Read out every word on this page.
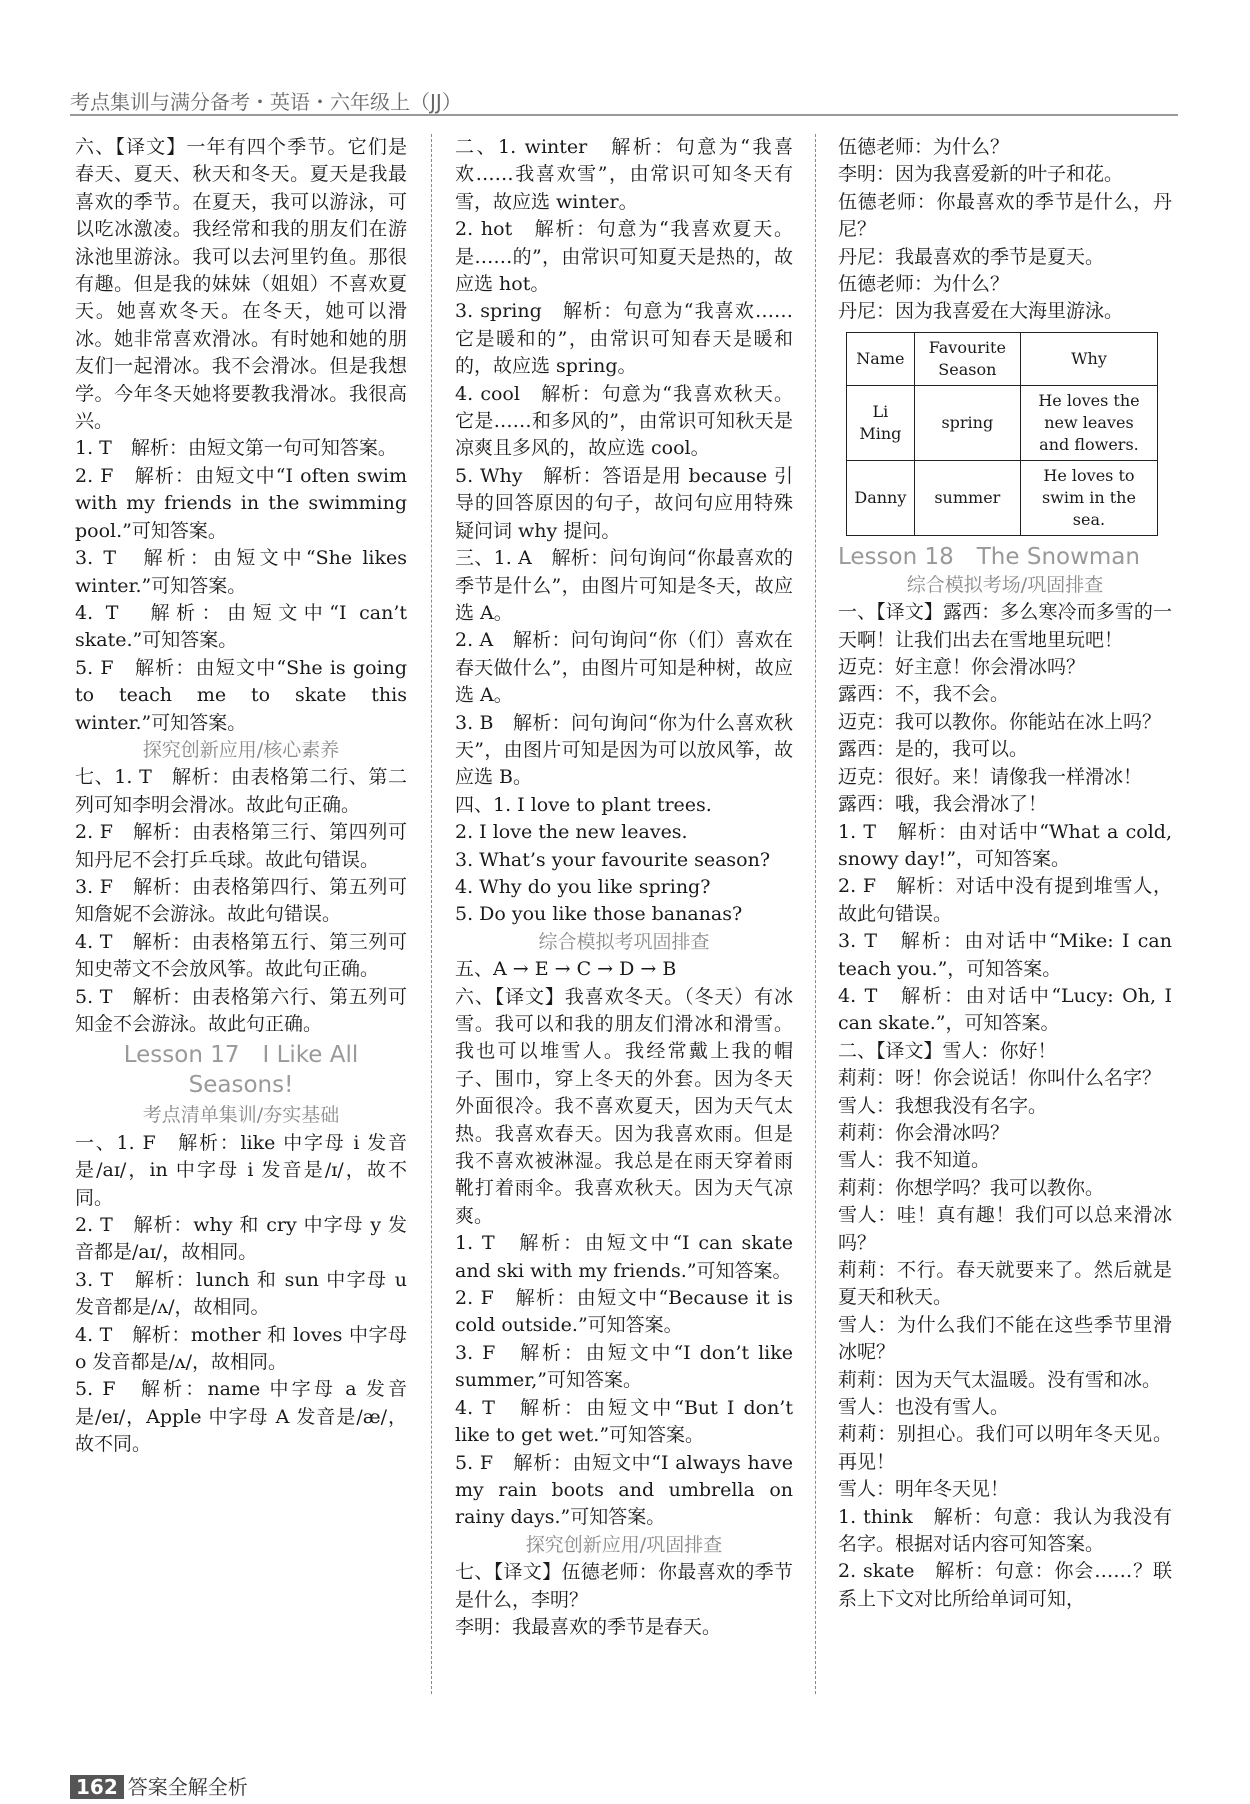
考点集训与满分备考・英语・六年级上（JJ）

六、【译文】一年有四个季节。它们是春天、夏天、秋天和冬天。夏天是我最喜欢的季节。在夏天，我可以游泳，可以吃冰激凌。我经常和我的朋友们在游泳池里游泳。我可以去河里钓鱼。那很有趣。但是我的妹妹（姐姐）不喜欢夏天。她喜欢冬天。在冬天，她可以滑冰。她非常喜欢滑冰。有时她和她的朋友们一起滑冰。我不会滑冰。但是我想学。今年冬天她将要教我滑冰。我很高兴。

1. T　解析：由短文第一句可知答案。

2. F　解析：由短文中“I often swim with my friends in the swimming pool.”可知答案。

3. T　解析：由短文中“She likes winter.”可知答案。

4. T　解析：由短文中“I can’t skate.”可知答案。

5. F　解析：由短文中“She is going to teach me to skate this winter.”可知答案。

探究创新应用/核心素养

七、1. T　解析：由表格第二行、第二列可知李明会滑冰。故此句正确。

2. F　解析：由表格第三行、第四列可知丹尼不会打乒乓球。故此句错误。

3. F　解析：由表格第四行、第五列可知詹妮不会游泳。故此句错误。

4. T　解析：由表格第五行、第三列可知史蒂文不会放风筝。故此句正确。

5. T　解析：由表格第六行、第五列可知金不会游泳。故此句正确。

Lesson 17　I Like All Seasons!

考点清单集训/夯实基础

一、1. F　解析：like 中字母 i 发音是/aɪ/，in 中字母 i 发音是/ɪ/，故不同。

2. T　解析：why 和 cry 中字母 y 发音都是/aɪ/，故相同。

3. T　解析：lunch 和 sun 中字母 u 发音都是/ʌ/，故相同。

4. T　解析：mother 和 loves 中字母 o 发音都是/ʌ/，故相同。

5. F　解析：name 中字母 a 发音是/eɪ/，Apple 中字母 A 发音是/æ/，故不同。

二、1. winter　解析：句意为“我喜欢……我喜欢雪”，由常识可知冬天有雪，故应选 winter。

2. hot　解析：句意为“我喜欢夏天。是……的”，由常识可知夏天是热的，故应选 hot。

3. spring　解析：句意为“我喜欢……它是暖和的”，由常识可知春天是暖和的，故应选 spring。

4. cool　解析：句意为“我喜欢秋天。它是……和多风的”，由常识可知秋天是凉爽且多风的，故应选 cool。

5. Why　解析：答语是用 because 引导的回答原因的句子，故问句应用特殊疑问词 why 提问。

三、1. A　解析：问句询问“你最喜欢的季节是什么”，由图片可知是冬天，故应选 A。

2. A　解析：问句询问“你（们）喜欢在春天做什么”，由图片可知是种树，故应选 A。

3. B　解析：问句询问“你为什么喜欢秋天”，由图片可知是因为可以放风筝，故应选 B。

四、1. I love to plant trees.

2. I love the new leaves.

3. What’s your favourite season?

4. Why do you like spring?

5. Do you like those bananas?

综合模拟考巩固排查

五、A → E → C → D → B

六、【译文】我喜欢冬天。（冬天）有冰雪。我可以和我的朋友们滑冰和滑雪。我也可以堆雪人。我经常戴上我的帽子、围巾，穿上冬天的外套。因为冬天外面很冷。我不喜欢夏天，因为天气太热。我喜欢春天。因为我喜欢雨。但是我不喜欢被淋湿。我总是在雨天穿着雨靴打着雨伞。我喜欢秋天。因为天气凉爽。

1. T　解析：由短文中“I can skate and ski with my friends.”可知答案。

2. F　解析：由短文中“Because it is cold outside.”可知答案。

3. F　解析：由短文中“I don’t like summer,”可知答案。

4. T　解析：由短文中“But I don’t like to get wet.”可知答案。

5. F　解析：由短文中“I always have my rain boots and umbrella on rainy days.”可知答案。

探究创新应用/巩固排查

七、【译文】伍德老师：你最喜欢的季节是什么，李明？

李明：我最喜欢的季节是春天。

伍德老师：为什么？

李明：因为我喜爱新的叶子和花。

伍德老师：你最喜欢的季节是什么，丹尼？

丹尼：我最喜欢的季节是夏天。

伍德老师：为什么？

丹尼：因为我喜爱在大海里游泳。

Name	Favourite Season	Why
Li Ming	spring	He loves the new leaves and flowers.
Danny	summer	He loves to swim in the sea.

Lesson 18　The Snowman

综合模拟考场/巩固排查

一、【译文】露西：多么寒冷而多雪的一天啊！让我们出去在雪地里玩吧！

迈克：好主意！你会滑冰吗？

露西：不，我不会。

迈克：我可以教你。你能站在冰上吗？

露西：是的，我可以。

迈克：很好。来！请像我一样滑冰！

露西：哦，我会滑冰了！

1. T　解析：由对话中“What a cold, snowy day!”，可知答案。

2. F　解析：对话中没有提到堆雪人，故此句错误。

3. T　解析：由对话中“Mike: I can teach you.”，可知答案。

4. T　解析：由对话中“Lucy: Oh, I can skate.”，可知答案。

二、【译文】雪人：你好！

莉莉：呀！你会说话！你叫什么名字？

雪人：我想我没有名字。

莉莉：你会滑冰吗？

雪人：我不知道。

莉莉：你想学吗？我可以教你。

雪人：哇！真有趣！我们可以总来滑冰吗？

莉莉：不行。春天就要来了。然后就是夏天和秋天。

雪人：为什么我们不能在这些季节里滑冰呢？

莉莉：因为天气太温暖。没有雪和冰。

雪人：也没有雪人。

莉莉：别担心。我们可以明年冬天见。再见！

雪人：明年冬天见！

1. think　解析：句意：我认为我没有名字。根据对话内容可知答案。

2. skate　解析：句意：你会……？联系上下文对比所给单词可知，

162 答案全解全析
